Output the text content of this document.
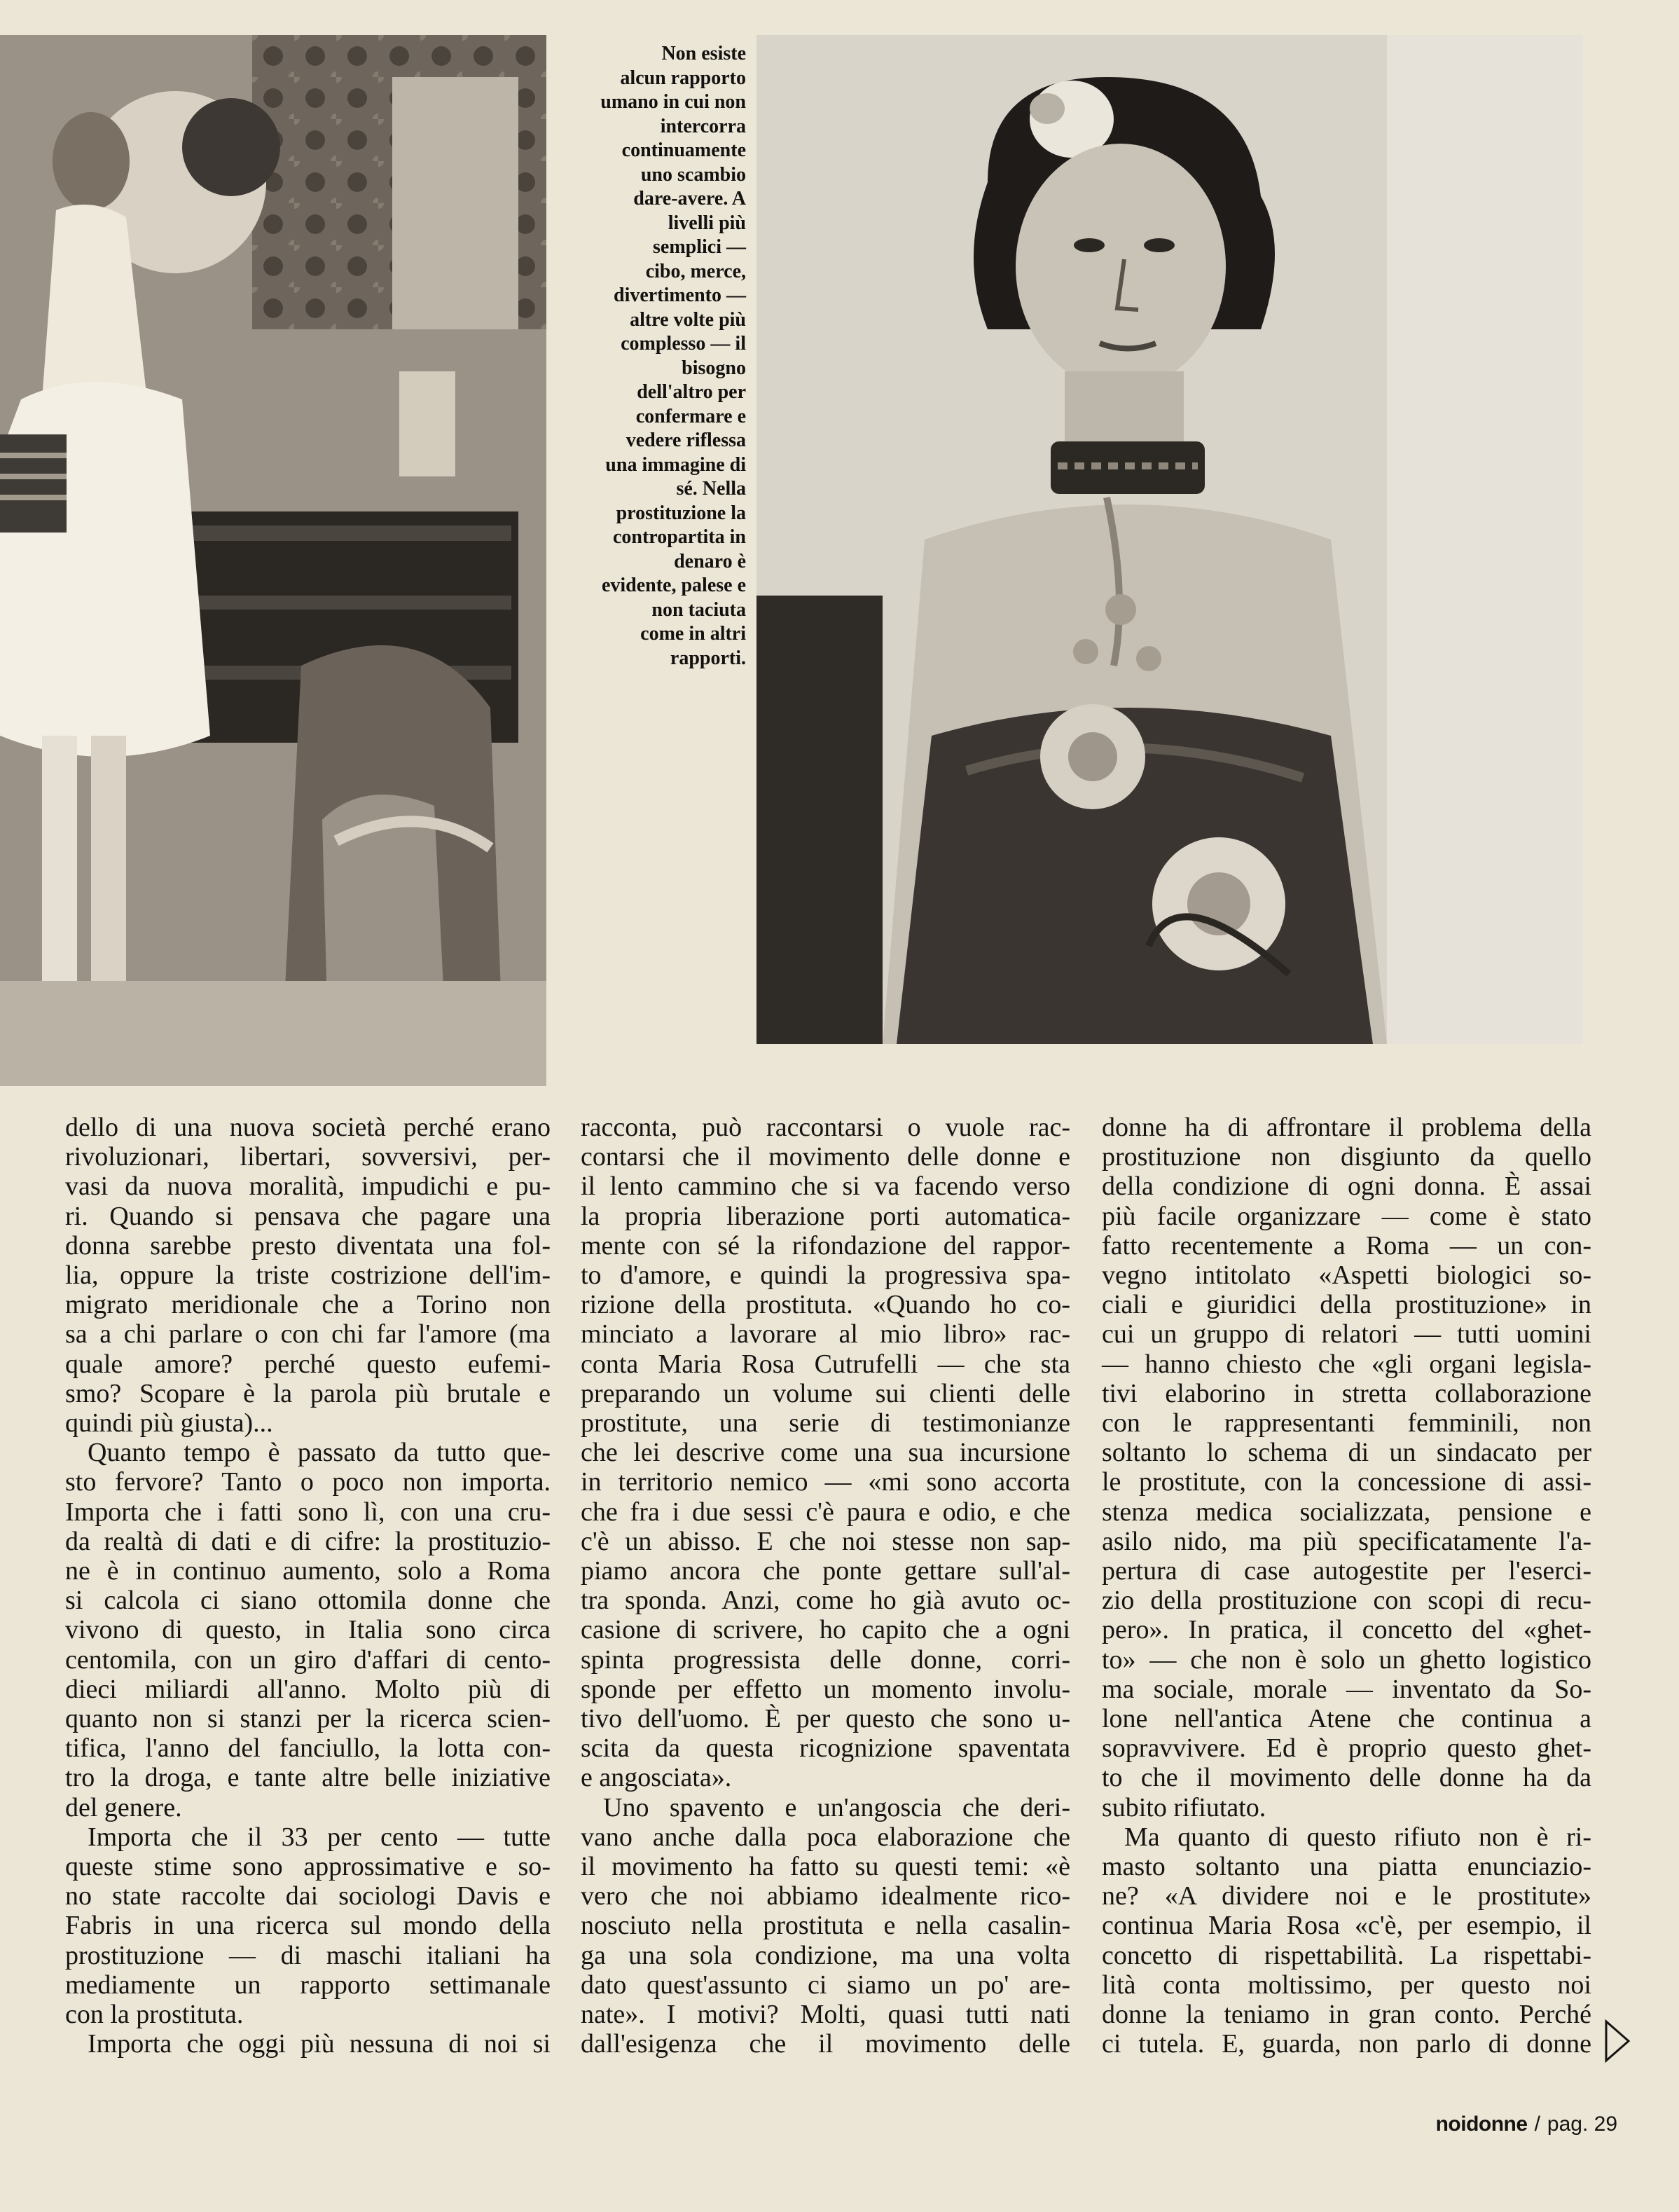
Non esiste
alcun rapporto
umano in cui non
intercorra
continuamente
uno scambio
dare-avere. A
livelli più
semplici —
cibo, merce,
divertimento —
altre volte più
complesso — il
bisogno
dell'altro per
confermare e
vedere riflessa
una immagine di
sé. Nella
prostituzione la
contropartita in
denaro è
evidente, palese e
non taciuta
come in altri
rapporti.
dello di una nuova società perché erano
rivoluzionari, libertari, sovversivi, per-
vasi da nuova moralità, impudichi e pu-
ri. Quando si pensava che pagare una
donna sarebbe presto diventata una fol-
lia, oppure la triste costrizione dell'im-
migrato meridionale che a Torino non
sa a chi parlare o con chi far l'amore (ma
quale amore? perché questo eufemi-
smo? Scopare è la parola più brutale e
quindi più giusta)...
Quanto tempo è passato da tutto que-
sto fervore? Tanto o poco non importa.
Importa che i fatti sono lì, con una cru-
da realtà di dati e di cifre: la prostituzio-
ne è in continuo aumento, solo a Roma
si calcola ci siano ottomila donne che
vivono di questo, in Italia sono circa
centomila, con un giro d'affari di cento-
dieci miliardi all'anno. Molto più di
quanto non si stanzi per la ricerca scien-
tifica, l'anno del fanciullo, la lotta con-
tro la droga, e tante altre belle iniziative
del genere.
Importa che il 33 per cento — tutte
queste stime sono approssimative e so-
no state raccolte dai sociologi Davis e
Fabris in una ricerca sul mondo della
prostituzione — di maschi italiani ha
mediamente un rapporto settimanale
con la prostituta.
Importa che oggi più nessuna di noi si
racconta, può raccontarsi o vuole rac-
contarsi che il movimento delle donne e
il lento cammino che si va facendo verso
la propria liberazione porti automatica-
mente con sé la rifondazione del rappor-
to d'amore, e quindi la progressiva spa-
rizione della prostituta. «Quando ho co-
minciato a lavorare al mio libro» rac-
conta Maria Rosa Cutrufelli — che sta
preparando un volume sui clienti delle
prostitute, una serie di testimonianze
che lei descrive come una sua incursione
in territorio nemico — «mi sono accorta
che fra i due sessi c'è paura e odio, e che
c'è un abisso. E che noi stesse non sap-
piamo ancora che ponte gettare sull'al-
tra sponda. Anzi, come ho già avuto oc-
casione di scrivere, ho capito che a ogni
spinta progressista delle donne, corri-
sponde per effetto un momento involu-
tivo dell'uomo. È per questo che sono u-
scita da questa ricognizione spaventata
e angosciata».
Uno spavento e un'angoscia che deri-
vano anche dalla poca elaborazione che
il movimento ha fatto su questi temi: «è
vero che noi abbiamo idealmente rico-
nosciuto nella prostituta e nella casalin-
ga una sola condizione, ma una volta
dato quest'assunto ci siamo un po' are-
nate». I motivi? Molti, quasi tutti nati
dall'esigenza che il movimento delle
donne ha di affrontare il problema della
prostituzione non disgiunto da quello
della condizione di ogni donna. È assai
più facile organizzare — come è stato
fatto recentemente a Roma — un con-
vegno intitolato «Aspetti biologici so-
ciali e giuridici della prostituzione» in
cui un gruppo di relatori — tutti uomini
— hanno chiesto che «gli organi legisla-
tivi elaborino in stretta collaborazione
con le rappresentanti femminili, non
soltanto lo schema di un sindacato per
le prostitute, con la concessione di assi-
stenza medica socializzata, pensione e
asilo nido, ma più specificatamente l'a-
pertura di case autogestite per l'eserci-
zio della prostituzione con scopi di recu-
pero». In pratica, il concetto del «ghet-
to» — che non è solo un ghetto logistico
ma sociale, morale — inventato da So-
lone nell'antica Atene che continua a
sopravvivere. Ed è proprio questo ghet-
to che il movimento delle donne ha da
subito rifiutato.
Ma quanto di questo rifiuto non è ri-
masto soltanto una piatta enunciazio-
ne? «A dividere noi e le prostitute»
continua Maria Rosa «c'è, per esempio, il
concetto di rispettabilità. La rispettabi-
lità conta moltissimo, per questo noi
donne la teniamo in gran conto. Perché
ci tutela. E, guarda, non parlo di donne
noidonne / pag. 29
